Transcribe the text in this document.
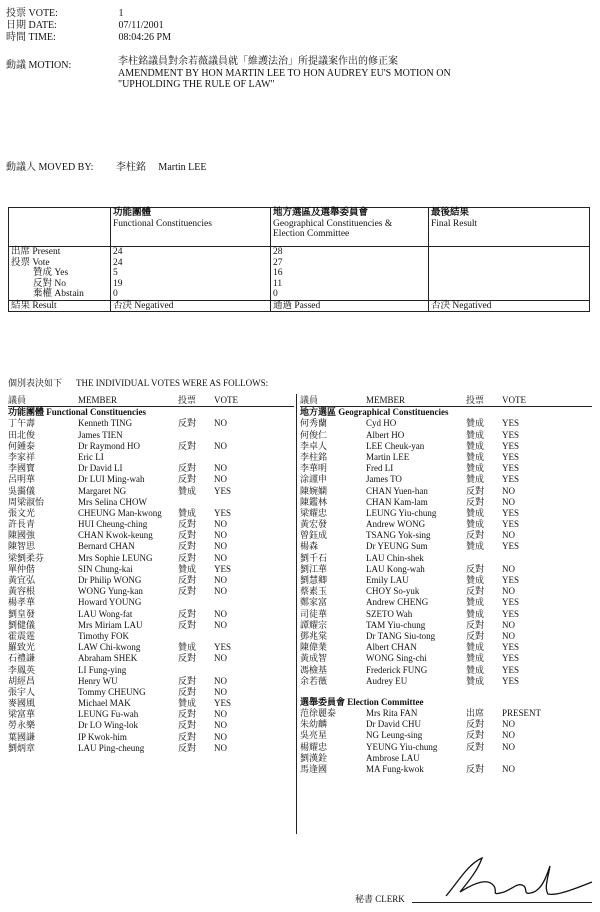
投票 VOTE:	1
日期 DATE:	07/11/2001
時間 TIME:	08:04:26 PM
動議 MOTION:	李柱銘議員對余若薇議員就「維護法治」所提議案作出的修正案
AMENDMENT BY HON MARTIN LEE TO HON AUDREY EU'S MOTION ON
"UPHOLDING THE RULE OF LAW"
動議人 MOVED BY: 李柱銘 Martin LEE
	功能團體
Functional Constituencies	地方選區及選舉委員會
Geographical Constituencies &
Election Committee	最後結果
Final Result
出席 Present	24	28	
投票 Vote	24	27	
贊成 Yes	5	16	
反對 No	19	11	
棄權 Abstain	0	0	
結果 Result	否決 Negatived	通過 Passed	否決 Negatived
個別表決如下 THE INDIVIDUAL VOTES WERE AS FOLLOWS:
議員	MEMBER	投票 VOTE
功能團體 Functional Constituencies
丁午壽	Kenneth TING	反對 NO
田北俊	James TIEN
何鍾泰	Dr Raymond HO	反對 NO
李家祥	Eric LI
李國寶	Dr David LI	反對 NO
呂明華	Dr LUI Ming-wah	反對 NO
吳靄儀	Margaret NG	贊成 YES
周梁淑怡	Mrs Selina CHOW
張文光	CHEUNG Man-kwong 贊成 YES
許長青	HUI Cheung-ching	反對 NO
陳國強	CHAN Kwok-keung	反對 NO
陳智思	Bernard CHAN	反對 NO
梁劉柔芬	Mrs Sophie LEUNG	反對 NO
單仲偕	SIN Chung-kai	贊成 YES
黃宜弘	Dr Philip WONG	反對 NO
黃容根	WONG Yung-kan	反對 NO
楊孝華	Howard YOUNG
劉皇發	LAU Wong-fat	反對 NO
劉健儀	Mrs Miriam LAU	反對 NO
霍震霆	Timothy FOK
羅致光	LAW Chi-kwong	贊成 YES
石禮謙	Abraham SHEK	反對 NO
李鳳英	LI Fung-ying
胡經昌	Henry WU	反對 NO
張宇人	Tommy CHEUNG	反對 NO
麥國風	Michael MAK	贊成 YES
梁富華	LEUNG Fu-wah	反對 NO
勞永樂	Dr LO Wing-lok	反對 NO
葉國謙	IP Kwok-him	反對 NO
劉炳章	LAU Ping-cheung	反對 NO
議員	MEMBER	投票 VOTE
地方選區 Geographical Constituencies
何秀蘭	Cyd HO	贊成 YES
何俊仁	Albert HO	贊成 YES
李卓人	LEE Cheuk-yan	贊成 YES
李柱銘	Martin LEE	贊成 YES
李華明	Fred LI	贊成 YES
涂謹申	James TO	贊成 YES
陳婉嫻	CHAN Yuen-han	反對 NO
陳鑑林	CHAN Kam-lam	反對 NO
梁耀忠	LEUNG Yiu-chung	贊成 YES
黃宏發	Andrew WONG	贊成 YES
曾鈺成	TSANG Yok-sing	反對 NO
楊森	Dr YEUNG Sum	贊成 YES
劉千石	LAU Chin-shek
劉江華	LAU Kong-wah	反對 NO
劉慧卿	Emily LAU	贊成 YES
蔡素玉	CHOY So-yuk	反對 NO
鄭家富	Andrew CHENG	贊成 YES
司徒華	SZETO Wah	贊成 YES
譚耀宗	TAM Yiu-chung	反對 NO
鄧兆棠	Dr TANG Siu-tong	反對 NO
陳偉業	Albert CHAN	贊成 YES
黃成智	WONG Sing-chi	贊成 YES
馮檢基	Frederick FUNG	贊成 YES
余若薇	Audrey EU	贊成 YES
選舉委員會 Election Committee
范徐麗泰	Mrs Rita FAN	出席 PRESENT
朱幼麟	Dr David CHU	反對 NO
吳亮星	NG Leung-sing	反對 NO
楊耀忠	YEUNG Yiu-chung	反對 NO
劉漢銓	Ambrose LAU
馬逢國	MA Fung-kwok	反對 NO
秘書 CLERK
